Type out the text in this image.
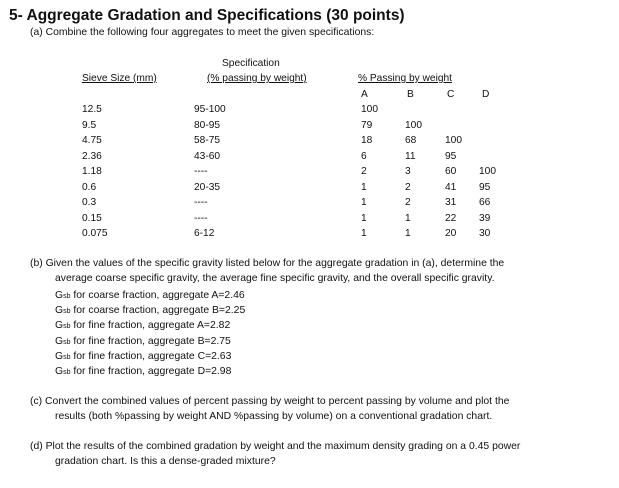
5- Aggregate Gradation and Specifications (30 points)
(a) Combine the following four aggregates to meet the given specifications:
Specification
Sieve Size (mm)	(% passing by weight)	% Passing by weight
A	B	C	D
12.5	95-100	100
9.5	80-95	79	100
4.75	58-75	18	68	100
2.36	43-60	6	11	95
1.18	----	2	3	60 100
0.6	20-35	1	2	41 95
0.3	----	1	2	31 66
0.15	----	1	1	22 39
0.075	6-12	1	1	20 30
(b) Given the values of the specific gravity listed below for the aggregate gradation in (a), determine the
average coarse specific gravity, the average fine specific gravity, and the overall specific gravity.
Gsb for coarse fraction, aggregate A=2.46
Gsb for coarse fraction, aggregate B=2.25
Gsb for fine fraction, aggregate A=2.82
Gsb for fine fraction, aggregate B=2.75
Gsb for fine fraction, aggregate C=2.63
Gsb for fine fraction, aggregate D=2.98
(c) Convert the combined values of percent passing by weight to percent passing by volume and plot the
results (both %passing by weight AND %passing by volume) on a conventional gradation chart.
(d) Plot the results of the combined gradation by weight and the maximum density grading on a 0.45 power
gradation chart. Is this a dense-graded mixture?
